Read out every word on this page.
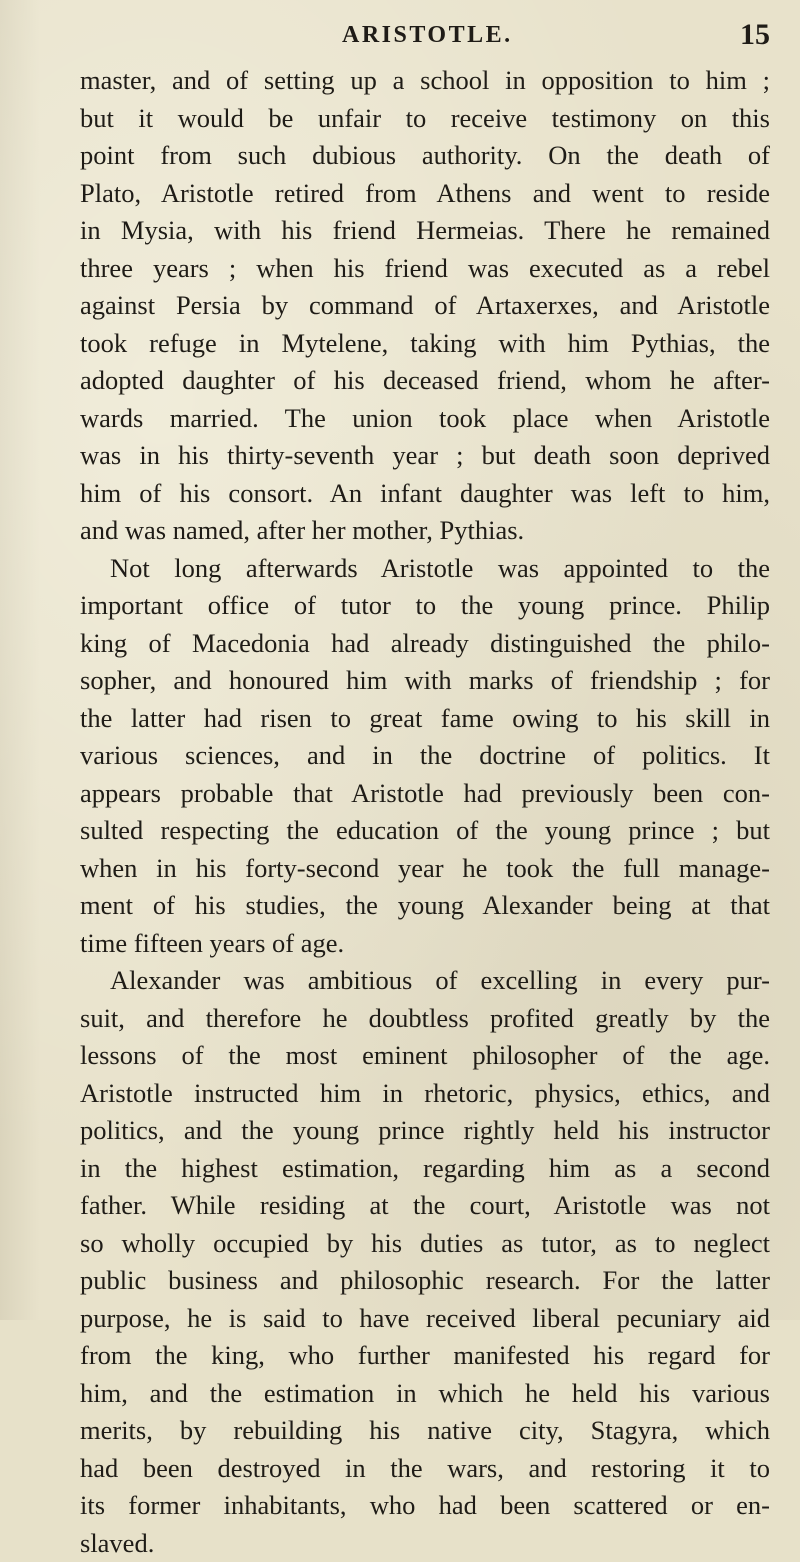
ARISTOTLE.	15
master, and of setting up a school in opposition to him ;
but it would be unfair to receive testimony on this
point from such dubious authority. On the death of
Plato, Aristotle retired from Athens and went to reside
in Mysia, with his friend Hermeias. There he remained
three years ; when his friend was executed as a rebel
against Persia by command of Artaxerxes, and Aristotle
took refuge in Mytelene, taking with him Pythias, the
adopted daughter of his deceased friend, whom he after-
wards married. The union took place when Aristotle
was in his thirty-seventh year ; but death soon deprived
him of his consort. An infant daughter was left to him,
and was named, after her mother, Pythias.
Not long afterwards Aristotle was appointed to the
important office of tutor to the young prince. Philip
king of Macedonia had already distinguished the philo-
sopher, and honoured him with marks of friendship ; for
the latter had risen to great fame owing to his skill in
various sciences, and in the doctrine of politics. It
appears probable that Aristotle had previously been con-
sulted respecting the education of the young prince ; but
when in his forty-second year he took the full manage-
ment of his studies, the young Alexander being at that
time fifteen years of age.
Alexander was ambitious of excelling in every pur-
suit, and therefore he doubtless profited greatly by the
lessons of the most eminent philosopher of the age.
Aristotle instructed him in rhetoric, physics, ethics, and
politics, and the young prince rightly held his instructor
in the highest estimation, regarding him as a second
father. While residing at the court, Aristotle was not
so wholly occupied by his duties as tutor, as to neglect
public business and philosophic research. For the latter
purpose, he is said to have received liberal pecuniary aid
from the king, who further manifested his regard for
him, and the estimation in which he held his various
merits, by rebuilding his native city, Stagyra, which
had been destroyed in the wars, and restoring it to
its former inhabitants, who had been scattered or en-
slaved.
